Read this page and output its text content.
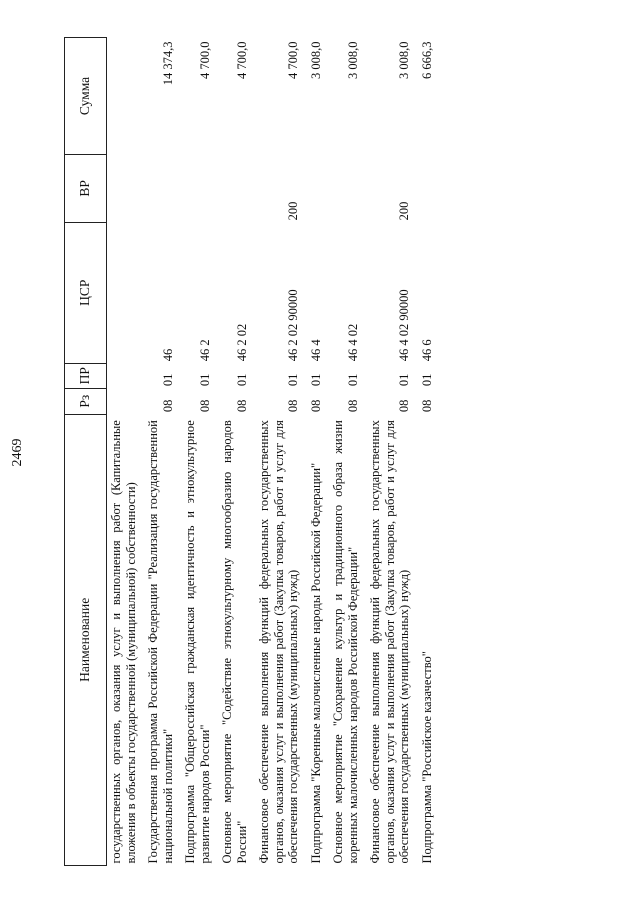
2469
Наименование	Рз	ПР	ЦСР	ВР	Сумма
государственных органов, оказания услуг и выполнения работ (Капитальные вложения в объекты государственной (муниципальной) собственности)					
Государственная программа Российской Федерации "Реализация государственной национальной политики"	08	01	46		14 374,3
Подпрограмма "Общероссийская гражданская идентичность и этнокультурное развитие народов России"	08	01	46 2		4 700,0
Основное мероприятие "Содействие этнокультурному многообразию народов России"	08	01	46 2 02		4 700,0
Финансовое обеспечение выполнения функций федеральных государственных органов, оказания услуг и выполнения работ (Закупка товаров, работ и услуг для обеспечения государственных (муниципальных) нужд)	08	01	46 2 02 90000	200	4 700,0
Подпрограмма "Коренные малочисленные народы Российской Федерации"	08	01	46 4		3 008,0
Основное мероприятие "Сохранение культур и традиционного образа жизни коренных малочисленных народов Российской Федерации"	08	01	46 4 02		3 008,0
Финансовое обеспечение выполнения функций федеральных государственных органов, оказания услуг и выполнения работ (Закупка товаров, работ и услуг для обеспечения государственных (муниципальных) нужд)	08	01	46 4 02 90000	200	3 008,0
Подпрограмма "Российское казачество"	08	01	46 6		6 666,3
